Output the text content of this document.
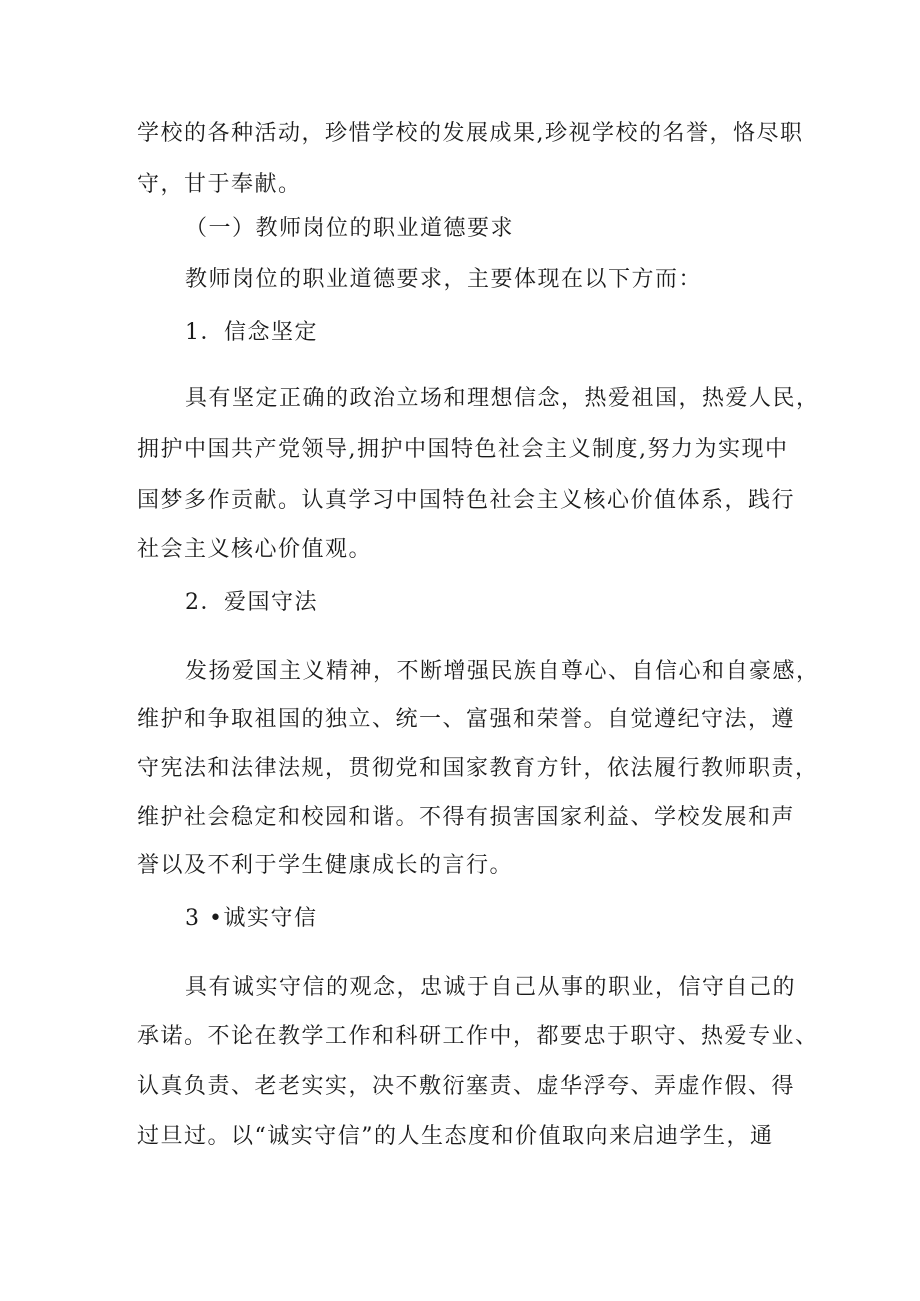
学校的各种活动，珍惜学校的发展成果,珍视学校的名誉，恪尽职
守，甘于奉献。
（一）教师岗位的职业道德要求
教师岗位的职业道德要求，主要体现在以下方而：
1．信念坚定
具有坚定正确的政治立场和理想信念，热爱祖国，热爱人民，
拥护中国共产党领导,拥护中国特色社会主义制度,努力为实现中
国梦多作贡献。认真学习中国特色社会主义核心价值体系，践行
社会主义核心价值观。
2．爱国守法
发扬爱国主义精神，不断增强民族自尊心、自信心和自豪感，
维护和争取祖国的独立、统一、富强和荣誉。自觉遵纪守法，遵
守宪法和法律法规，贯彻党和国家教育方针，依法履行教师职责，
维护社会稳定和校园和谐。不得有损害国家利益、学校发展和声
誉以及不利于学生健康成长的言行。
3 •诚实守信
具有诚实守信的观念，忠诚于自己从事的职业，信守自己的
承诺。不论在教学工作和科研工作中，都要忠于职守、热爱专业、
认真负责、老老实实，决不敷衍塞责、虚华浮夸、弄虚作假、得
过旦过。以“诚实守信”的人生态度和价值取向来启迪学生，通
